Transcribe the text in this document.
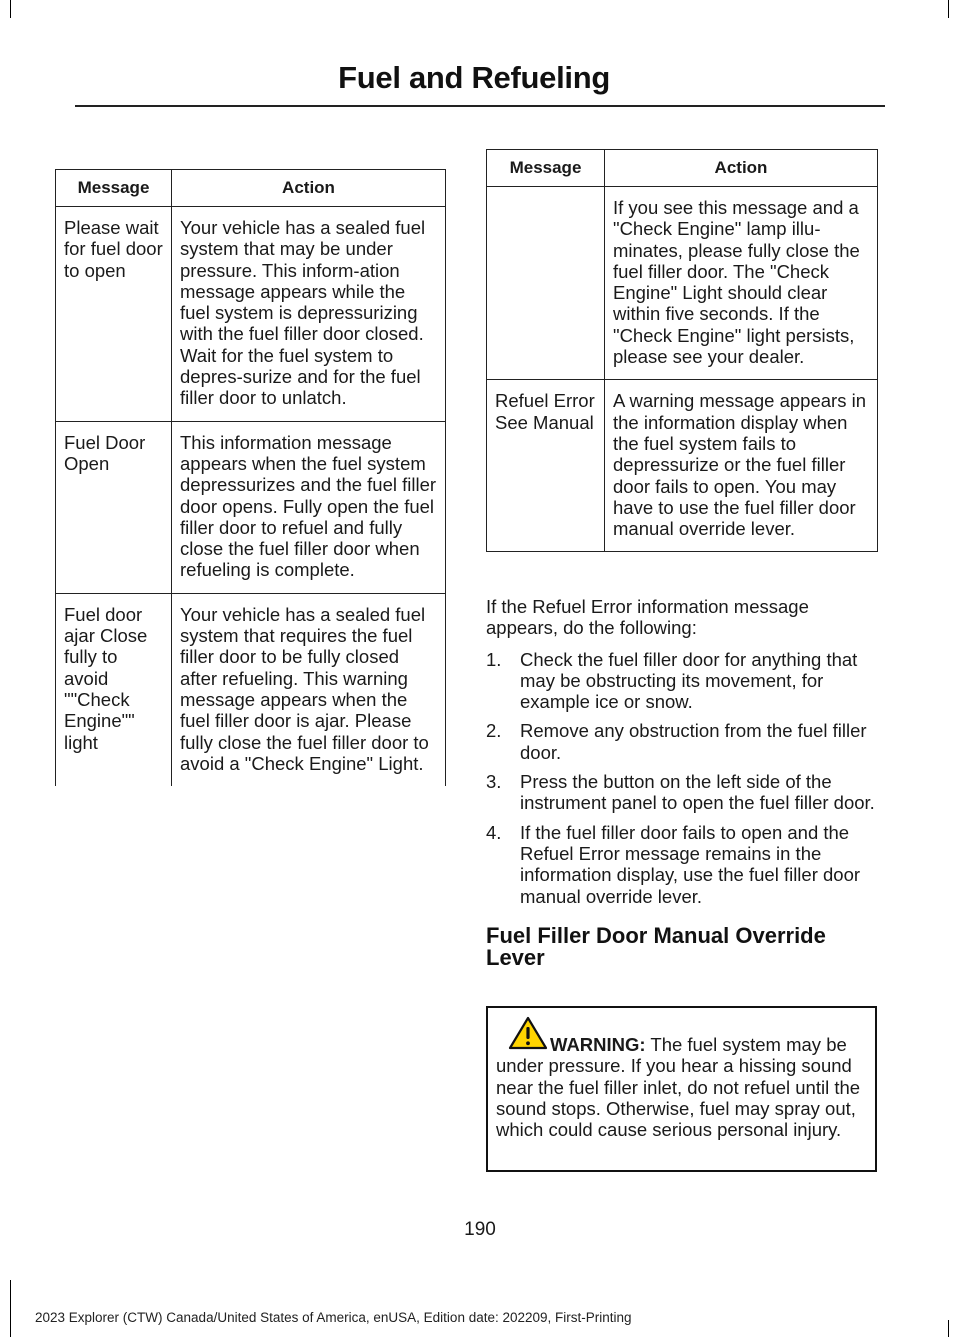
Fuel and Refueling
Message	Action
Please wait for fuel door to open	Your vehicle has a sealed fuel system that may be under pressure. This inform-ation message appears while the fuel system is depressurizing with the fuel filler door closed. Wait for the fuel system to depres-surize and for the fuel filler door to unlatch.
Fuel Door Open	This information message appears when the fuel system depressurizes and the fuel filler door opens. Fully open the fuel filler door to refuel and fully close the fuel filler door when refueling is complete.
Fuel door ajar Close fully to avoid ""Check Engine"" light	Your vehicle has a sealed fuel system that requires the fuel filler door to be fully closed after refueling. This warning message appears when the fuel filler door is ajar. Please fully close the fuel filler door to avoid a "Check Engine" Light.
Message	Action
	If you see this message and a "Check Engine" lamp illu-minates, please fully close the fuel filler door. The "Check Engine" Light should clear within five seconds. If the "Check Engine" light persists, please see your dealer.
Refuel Error See Manual	A warning message appears in the information display when the fuel system fails to depressurize or the fuel filler door fails to open. You may have to use the fuel filler door manual override lever.

If the Refuel Error information message appears, do the following:

1. Check the fuel filler door for anything that may be obstructing its movement, for example ice or snow.
2. Remove any obstruction from the fuel filler door.
3. Press the button on the left side of the instrument panel to open the fuel filler door.
4. If the fuel filler door fails to open and the Refuel Error message remains in the information display, use the fuel filler door manual override lever.
Fuel Filler Door Manual Override Lever
WARNING: The fuel system may be under pressure. If you hear a hissing sound near the fuel filler inlet, do not refuel until the sound stops. Otherwise, fuel may spray out, which could cause serious personal injury.
190
2023 Explorer (CTW) Canada/United States of America, enUSA, Edition date: 202209, First-Printing
